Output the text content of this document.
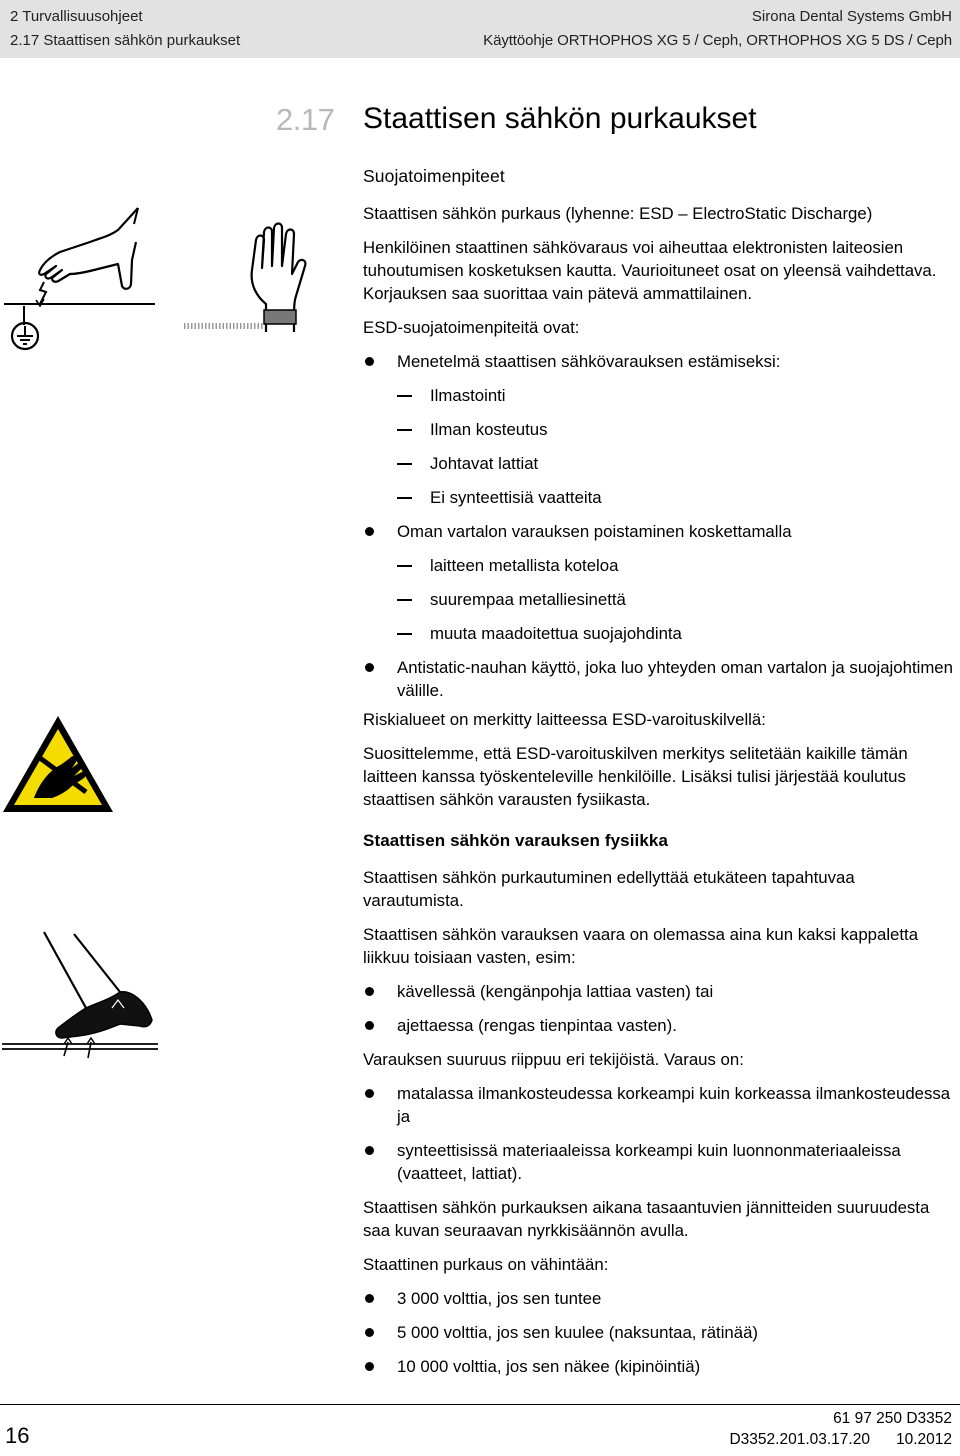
2 Turvallisuusohjeet
2.17 Staattisen sähkön purkaukset
Sirona Dental Systems GmbH
Käyttöohje ORTHOPHOS XG 5 / Ceph, ORTHOPHOS XG 5 DS / Ceph
2.17 Staattisen sähkön purkaukset
Suojatoimenpiteet

Staattisen sähkön purkaus (lyhenne: ESD – ElectroStatic Discharge)

Henkilöinen staattinen sähkövaraus voi aiheuttaa elektronisten laiteosien tuhoutumisen kosketuksen kautta. Vaurioituneet osat on yleensä vaihdettava. Korjauksen saa suorittaa vain pätevä ammattilainen.

ESD-suojatoimenpiteitä ovat:

Menetelmä staattisen sähkövarauksen estämiseksi:
Ilmastointi
Ilman kosteutus
Johtavat lattiat
Ei synteettisiä vaatteita
Oman vartalon varauksen poistaminen koskettamalla
laitteen metallista koteloa
suurempaa metalliesinettä
muuta maadoitettua suojajohdinta
Antistatic-nauhan käyttö, joka luo yhteyden oman vartalon ja suojajohtimen välille.

Riskialueet on merkitty laitteessa ESD-varoituskilvellä:

Suosittelemme, että ESD-varoituskilven merkitys selitetään kaikille tämän laitteen kanssa työskenteleville henkilöille. Lisäksi tulisi järjestää koulutus staattisen sähkön varausten fysiikasta.

Staattisen sähkön varauksen fysiikka

Staattisen sähkön purkautuminen edellyttää etukäteen tapahtuvaa varautumista.

Staattisen sähkön varauksen vaara on olemassa aina kun kaksi kappaletta liikkuu toisiaan vasten, esim:

kävellessä (kengänpohja lattiaa vasten) tai
ajettaessa (rengas tienpintaa vasten).

Varauksen suuruus riippuu eri tekijöistä. Varaus on:

matalassa ilmankosteudessa korkeampi kuin korkeassa ilmankosteudessa ja
synteettisissä materiaaleissa korkeampi kuin luonnonmateriaaleissa (vaatteet, lattiat).

Staattisen sähkön purkauksen aikana tasaantuvien jännitteiden suuruudesta saa kuvan seuraavan nyrkkisäännön avulla.

Staattinen purkaus on vähintään:

3 000 volttia, jos sen tuntee
5 000 volttia, jos sen kuulee (naksuntaa, rätinää)
10 000 volttia, jos sen näkee (kipinöintiä)
16
61 97 250 D3352
D3352.201.03.17.20 10.2012
